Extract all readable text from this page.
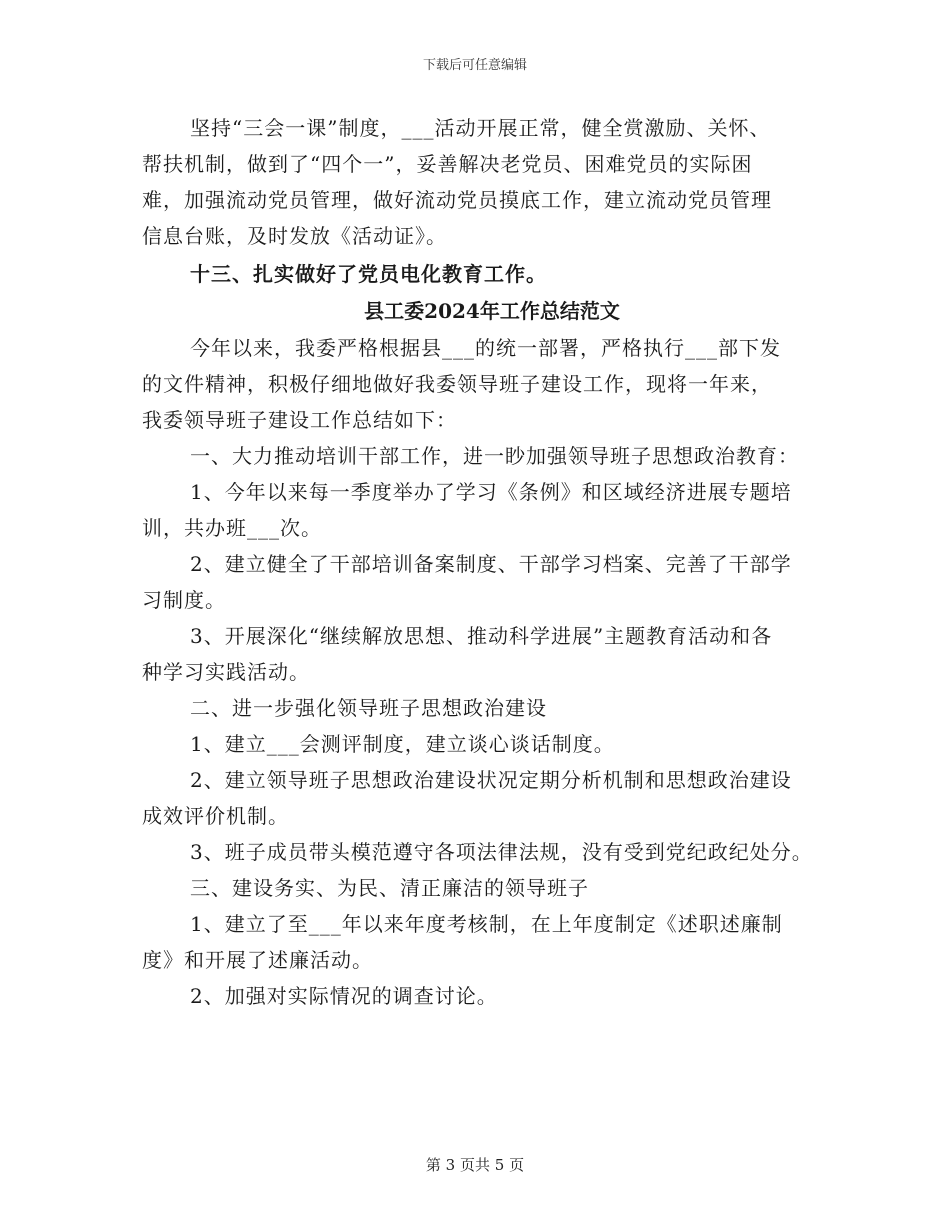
下载后可任意编辑
坚持“三会一课”制度，___活动开展正常，健全赏激励、关怀、
帮扶机制，做到了“四个一”，妥善解决老党员、困难党员的实际困
难，加强流动党员管理，做好流动党员摸底工作，建立流动党员管理
信息台账，及时发放《活动证》。
十三、扎实做好了党员电化教育工作。
县工委2024年工作总结范文
今年以来，我委严格根据县___的统一部署，严格执行___部下发
的文件精神，积极仔细地做好我委领导班子建设工作，现将一年来，
我委领导班子建设工作总结如下：
一、大力推动培训干部工作，进一眇加强领导班子思想政治教育：
1、今年以来每一季度举办了学习《条例》和区域经济进展专题培
训，共办班___次。
2、建立健全了干部培训备案制度、干部学习档案、完善了干部学
习制度。
3、开展深化“继续解放思想、推动科学进展”主题教育活动和各
种学习实践活动。
二、进一步强化领导班子思想政治建设
1、建立___会测评制度，建立谈心谈话制度。
2、建立领导班子思想政治建设状况定期分析机制和思想政治建设
成效评价机制。
3、班子成员带头模范遵守各项法律法规，没有受到党纪政纪处分。
三、建设务实、为民、清正廉洁的领导班子
1、建立了至___年以来年度考核制，在上年度制定《述职述廉制
度》和开展了述廉活动。
2、加强对实际情况的调查讨论。
第 3 页共 5 页
